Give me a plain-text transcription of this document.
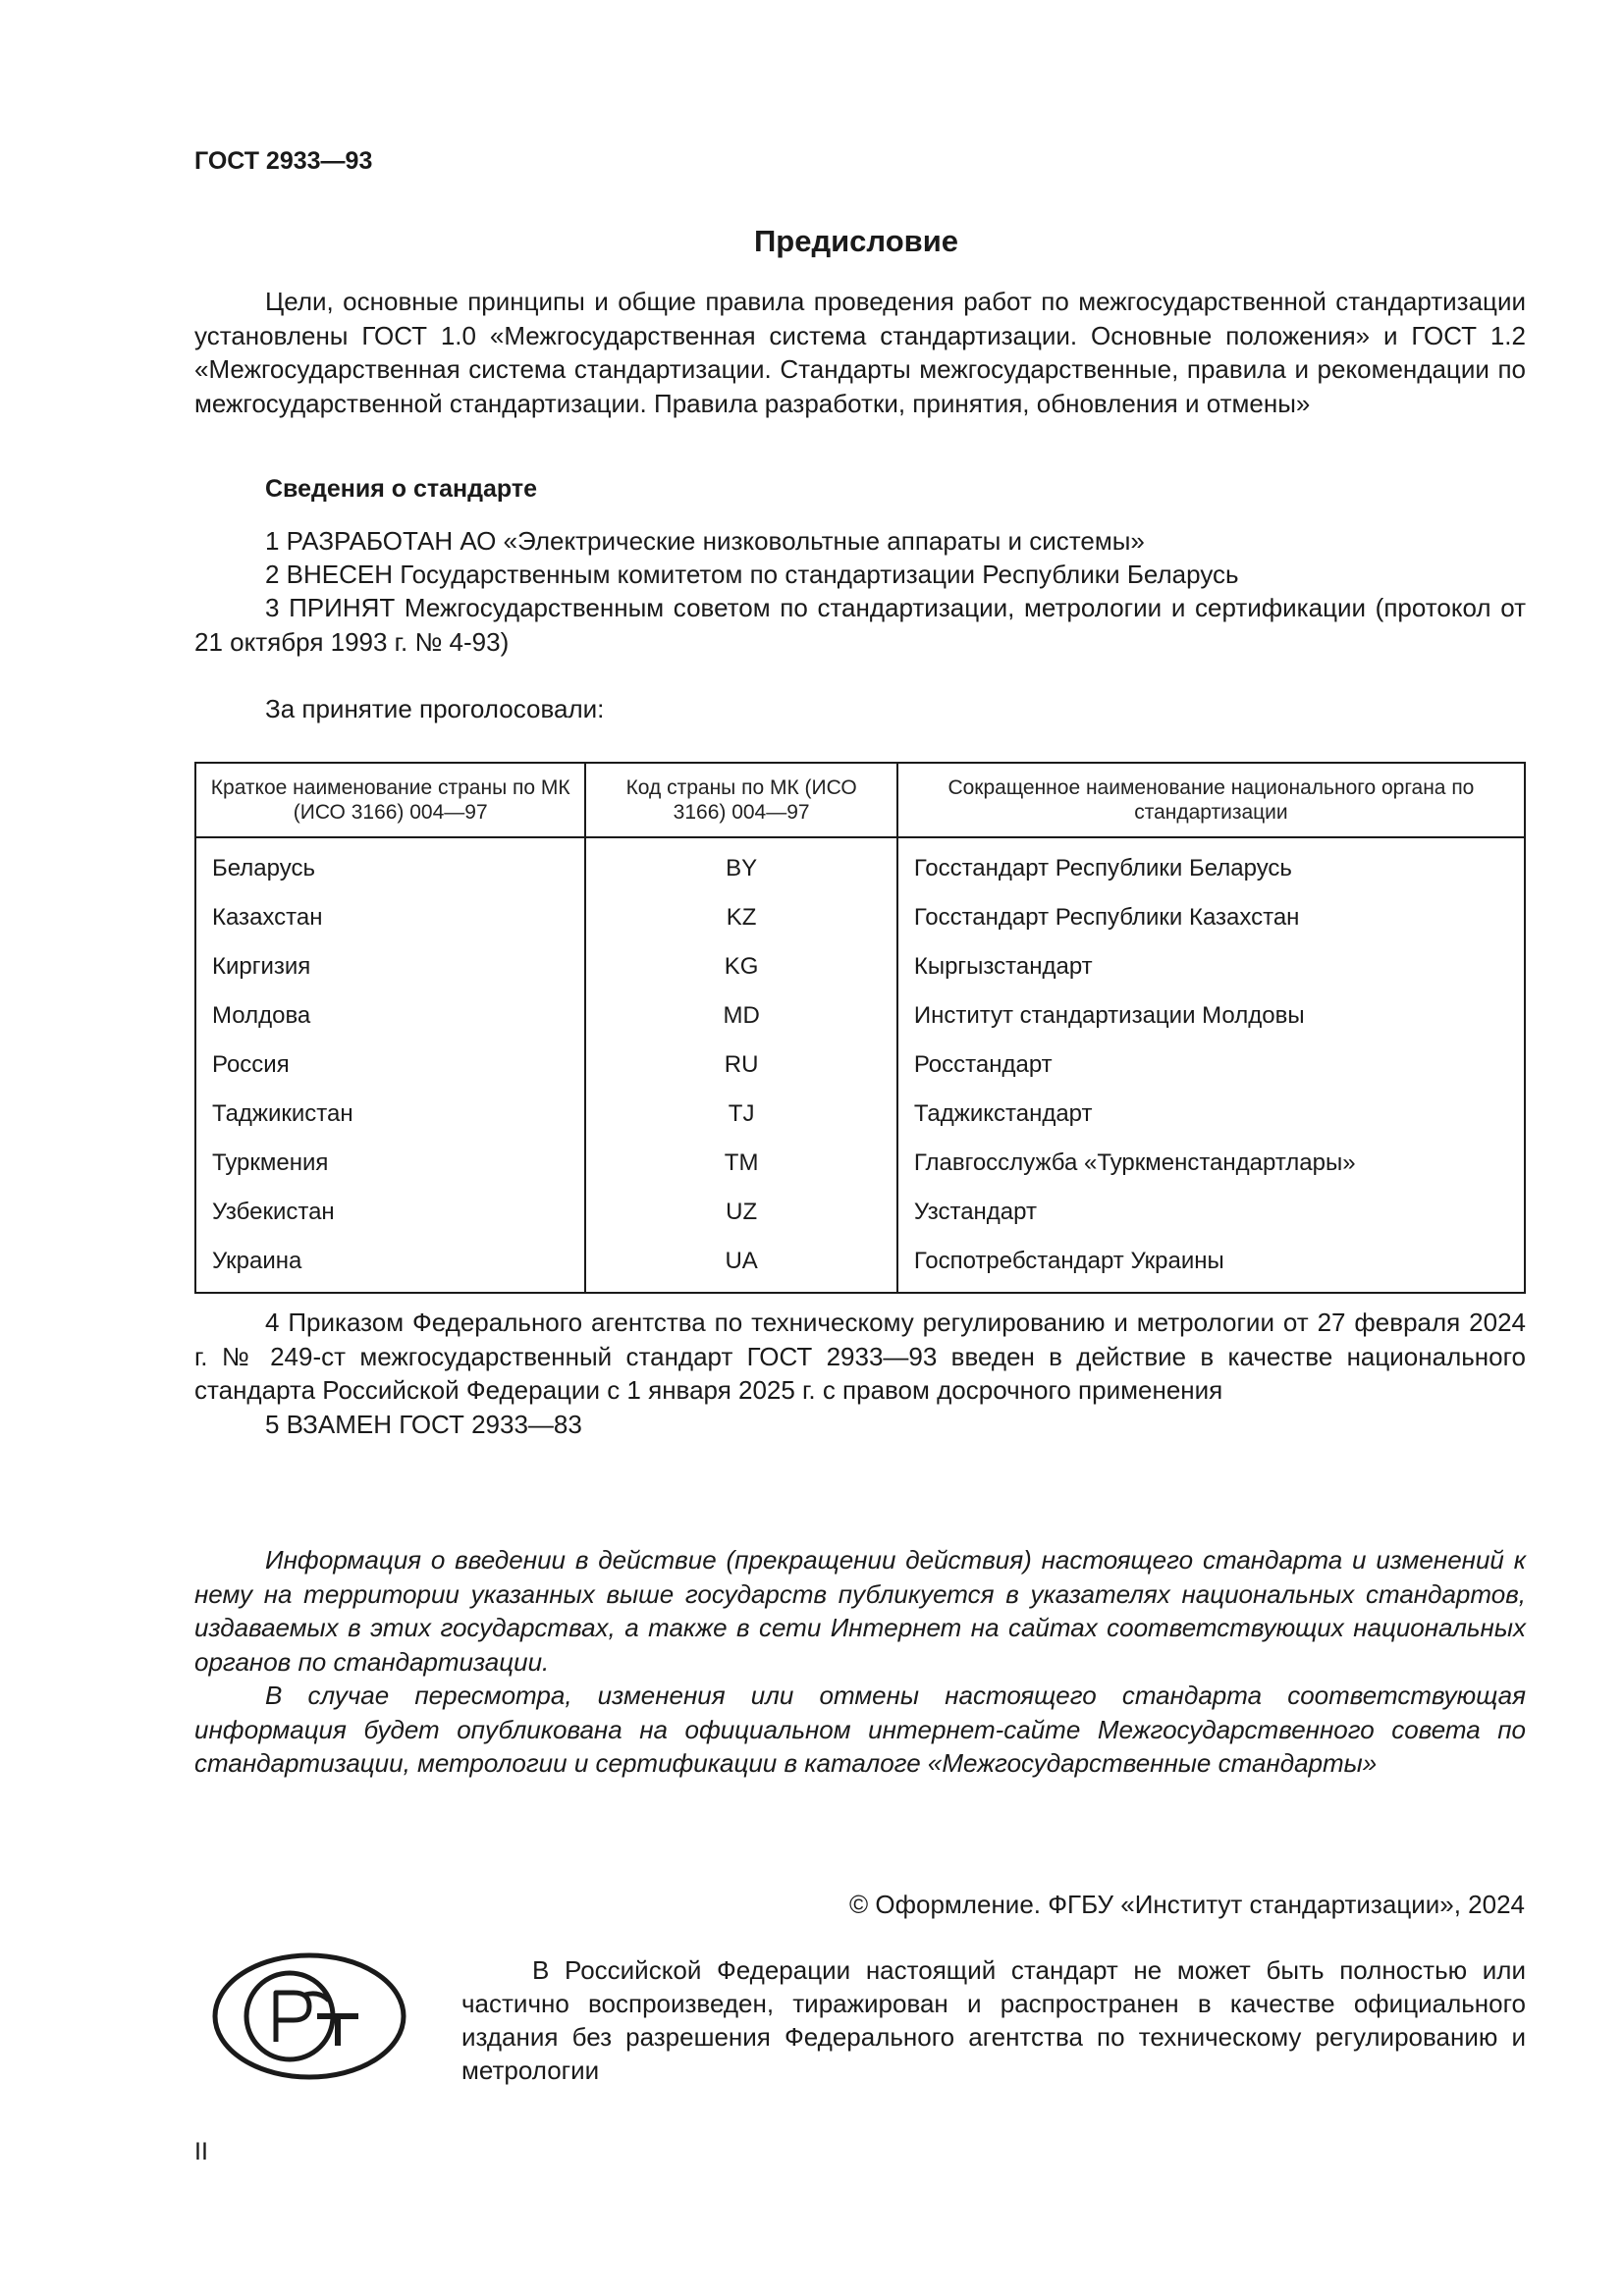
ГОСТ 2933—93
Предисловие

Цели, основные принципы и общие правила проведения работ по межгосударственной стандартизации установлены ГОСТ 1.0 «Межгосударственная система стандартизации. Основные положения» и ГОСТ 1.2 «Межгосударственная система стандартизации. Стандарты межгосударственные, правила и рекомендации по межгосударственной стандартизации. Правила разработки, принятия, обновления и отмены»

Сведения о стандарте
1 РАЗРАБОТАН АО «Электрические низковольтные аппараты и системы»
2 ВНЕСЕН Государственным комитетом по стандартизации Республики Беларусь

3 ПРИНЯТ Межгосударственным советом по стандартизации, метрологии и сертификации (протокол от 21 октября 1993 г. № 4-93)

За принятие проголосовали:
Краткое наименование страны по МК (ИСО 3166) 004—97	Код страны по МК (ИСО 3166) 004—97	Сокращенное наименование национального органа по стандартизации
Беларусь	BY	Госстандарт Республики Беларусь
Казахстан	KZ	Госстандарт Республики Казахстан
Киргизия	KG	Кыргызстандарт
Молдова	MD	Институт стандартизации Молдовы
Россия	RU	Росстандарт
Таджикистан	TJ	Таджикстандарт
Туркмения	TM	Главгосслужба «Туркменстандартлары»
Узбекистан	UZ	Узстандарт
Украина	UA	Госпотребстандарт Украины

4 Приказом Федерального агентства по техническому регулированию и метрологии от 27 февраля 2024 г. № 249-ст межгосударственный стандарт ГОСТ 2933—93 введен в действие в качестве национального стандарта Российской Федерации с 1 января 2025 г. с правом досрочного применения

5 ВЗАМЕН ГОСТ 2933—83

Информация о введении в действие (прекращении действия) настоящего стандарта и изменений к нему на территории указанных выше государств публикуется в указателях национальных стандартов, издаваемых в этих государствах, а также в сети Интернет на сайтах соответствующих национальных органов по стандартизации.

В случае пересмотра, изменения или отмены настоящего стандарта соответствующая информация будет опубликована на официальном интернет-сайте Межгосударственного совета по стандартизации, метрологии и сертификации в каталоге «Межгосударственные стандарты»

© Оформление. ФГБУ «Институт стандартизации», 2024

В Российской Федерации настоящий стандарт не может быть полностью или частично воспроизведен, тиражирован и распространен в качестве официального издания без разрешения Федерального агентства по техническому регулированию и метрологии

II
